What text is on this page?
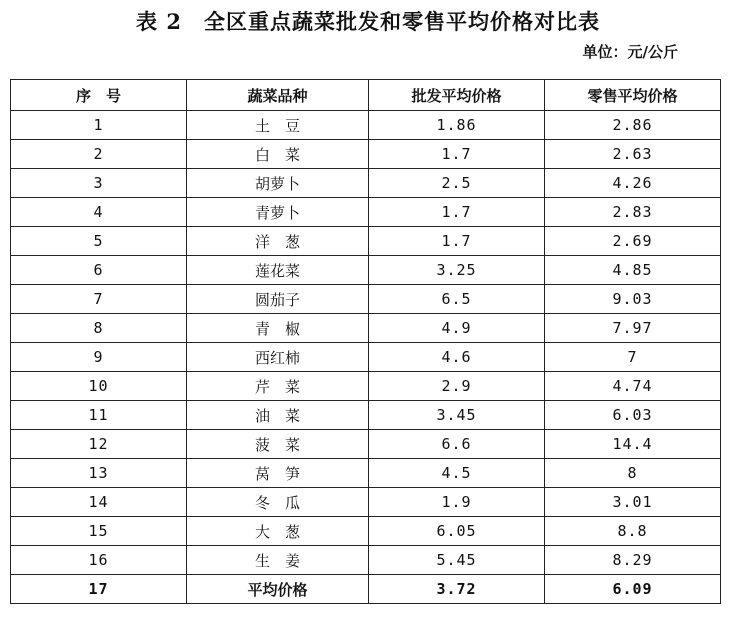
表 2　全区重点蔬菜批发和零售平均价格对比表
单位：元/公斤
序　号	蔬菜品种	批发平均价格	零售平均价格
1	土　豆	1.86	2.86
2	白　菜	1.7	2.63
3	胡萝卜	2.5	4.26
4	青萝卜	1.7	2.83
5	洋　葱	1.7	2.69
6	莲花菜	3.25	4.85
7	圆茄子	6.5	9.03
8	青　椒	4.9	7.97
9	西红柿	4.6	7
10	芹　菜	2.9	4.74
11	油　菜	3.45	6.03
12	菠　菜	6.6	14.4
13	莴　笋	4.5	8
14	冬　瓜	1.9	3.01
15	大　葱	6.05	8.8
16	生　姜	5.45	8.29
17	平均价格	3.72	6.09
